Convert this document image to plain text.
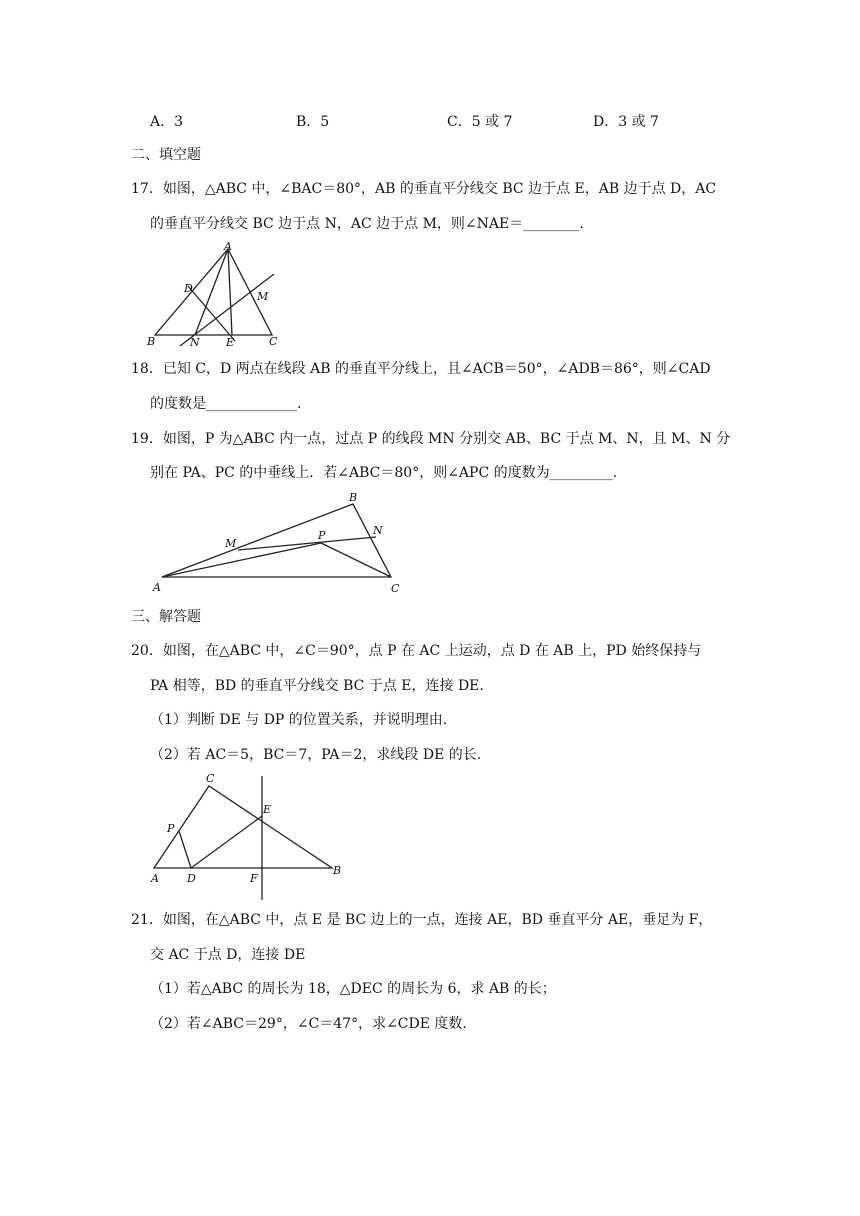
A．3	B．5	C．5 或 7	D．3 或 7
二、填空题
17．如图，△ABC 中，∠BAC＝80°，AB 的垂直平分线交 BC 边于点 E，AB 边于点 D，AC
的垂直平分线交 BC 边于点 N，AC 边于点 M，则∠NAE＝________.
A
B	C
D
E
M
N
18．已知 C，D 两点在线段 AB 的垂直平分线上，且∠ACB＝50°，∠ADB＝86°，则∠CAD
的度数是_____________.
19．如图，P 为△ABC 内一点，过点 P 的线段 MN 分别交 AB、BC 于点 M、N，且 M、N 分
别在 PA、PC 的中垂线上．若∠ABC＝80°，则∠APC 的度数为_________.
A
B
C
M
N
P
三、解答题
20．如图，在△ABC 中，∠C＝90°，点 P 在 AC 上运动，点 D 在 AB 上，PD 始终保持与
PA 相等，BD 的垂直平分线交 BC 于点 E，连接 DE.
（1）判断 DE 与 DP 的位置关系，并说明理由.
（2）若 AC＝5，BC＝7，PA＝2，求线段 DE 的长.
C
P
E
A	D	F
B
21．如图，在△ABC 中，点 E 是 BC 边上的一点，连接 AE，BD 垂直平分 AE，垂足为 F，
交 AC 于点 D，连接 DE
（1）若△ABC 的周长为 18，△DEC 的周长为 6，求 AB 的长；
（2）若∠ABC＝29°，∠C＝47°，求∠CDE 度数.
